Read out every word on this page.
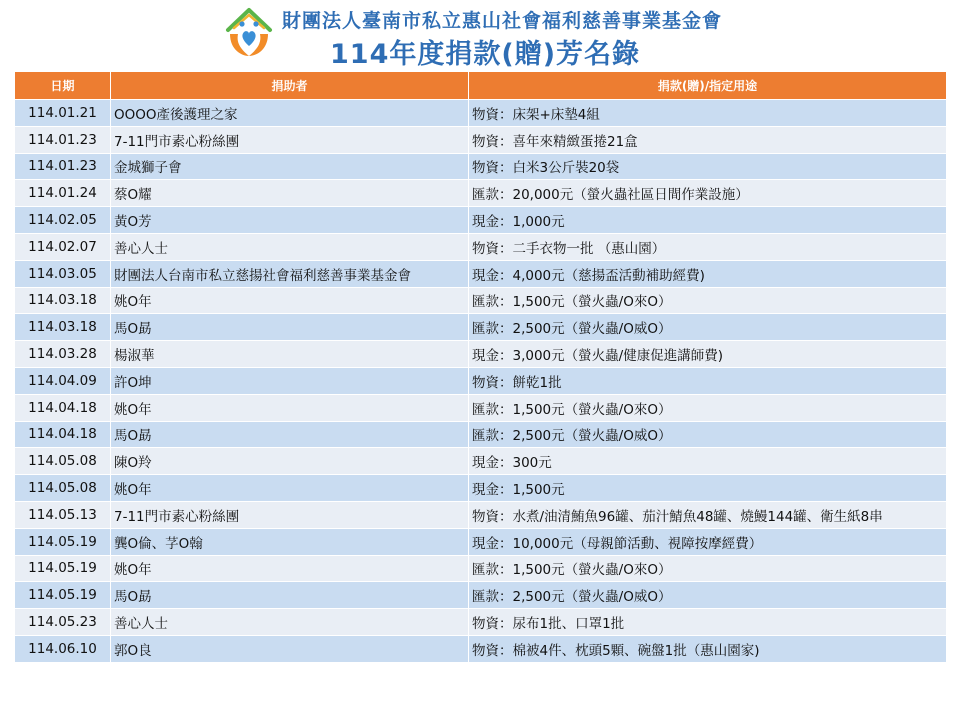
財團法人臺南市私立惠山社會福利慈善事業基金會
114年度捐款(贈)芳名錄
日期	捐助者	捐款(贈)/指定用途
114.01.21	OOOO產後護理之家	物資：床架+床墊4組
114.01.23	7-11門市素心粉絲團	物資：喜年來精緻蛋捲21盒
114.01.23	金城獅子會	物資：白米3公斤裝20袋
114.01.24	蔡O耀	匯款：20,000元（螢火蟲社區日間作業設施）
114.02.05	黃O芳	現金：1,000元
114.02.07	善心人士	物資：二手衣物一批 （惠山園）
114.03.05	財團法人台南市私立慈揚社會福利慈善事業基金會	現金：4,000元（慈揚盃活動補助經費)
114.03.18	姚O年	匯款：1,500元（螢火蟲/O來O）
114.03.18	馬O勗	匯款：2,500元（螢火蟲/O威O）
114.03.28	楊淑華	現金：3,000元（螢火蟲/健康促進講師費)
114.04.09	許O坤	物資：餅乾1批
114.04.18	姚O年	匯款：1,500元（螢火蟲/O來O）
114.04.18	馬O勗	匯款：2,500元（螢火蟲/O威O）
114.05.08	陳O羚	現金：300元
114.05.08	姚O年	現金：1,500元
114.05.13	7-11門市素心粉絲團	物資：水煮/油清鮪魚96罐、茄汁鯖魚48罐、燒鰻144罐、衛生紙8串
114.05.19	龔O倫、芓O翰	現金：10,000元（母親節活動、視障按摩經費）
114.05.19	姚O年	匯款：1,500元（螢火蟲/O來O）
114.05.19	馬O勗	匯款：2,500元（螢火蟲/O威O）
114.05.23	善心人士	物資：尿布1批、口罩1批
114.06.10	郭O良	物資：棉被4件、枕頭5顆、碗盤1批（惠山園家)
